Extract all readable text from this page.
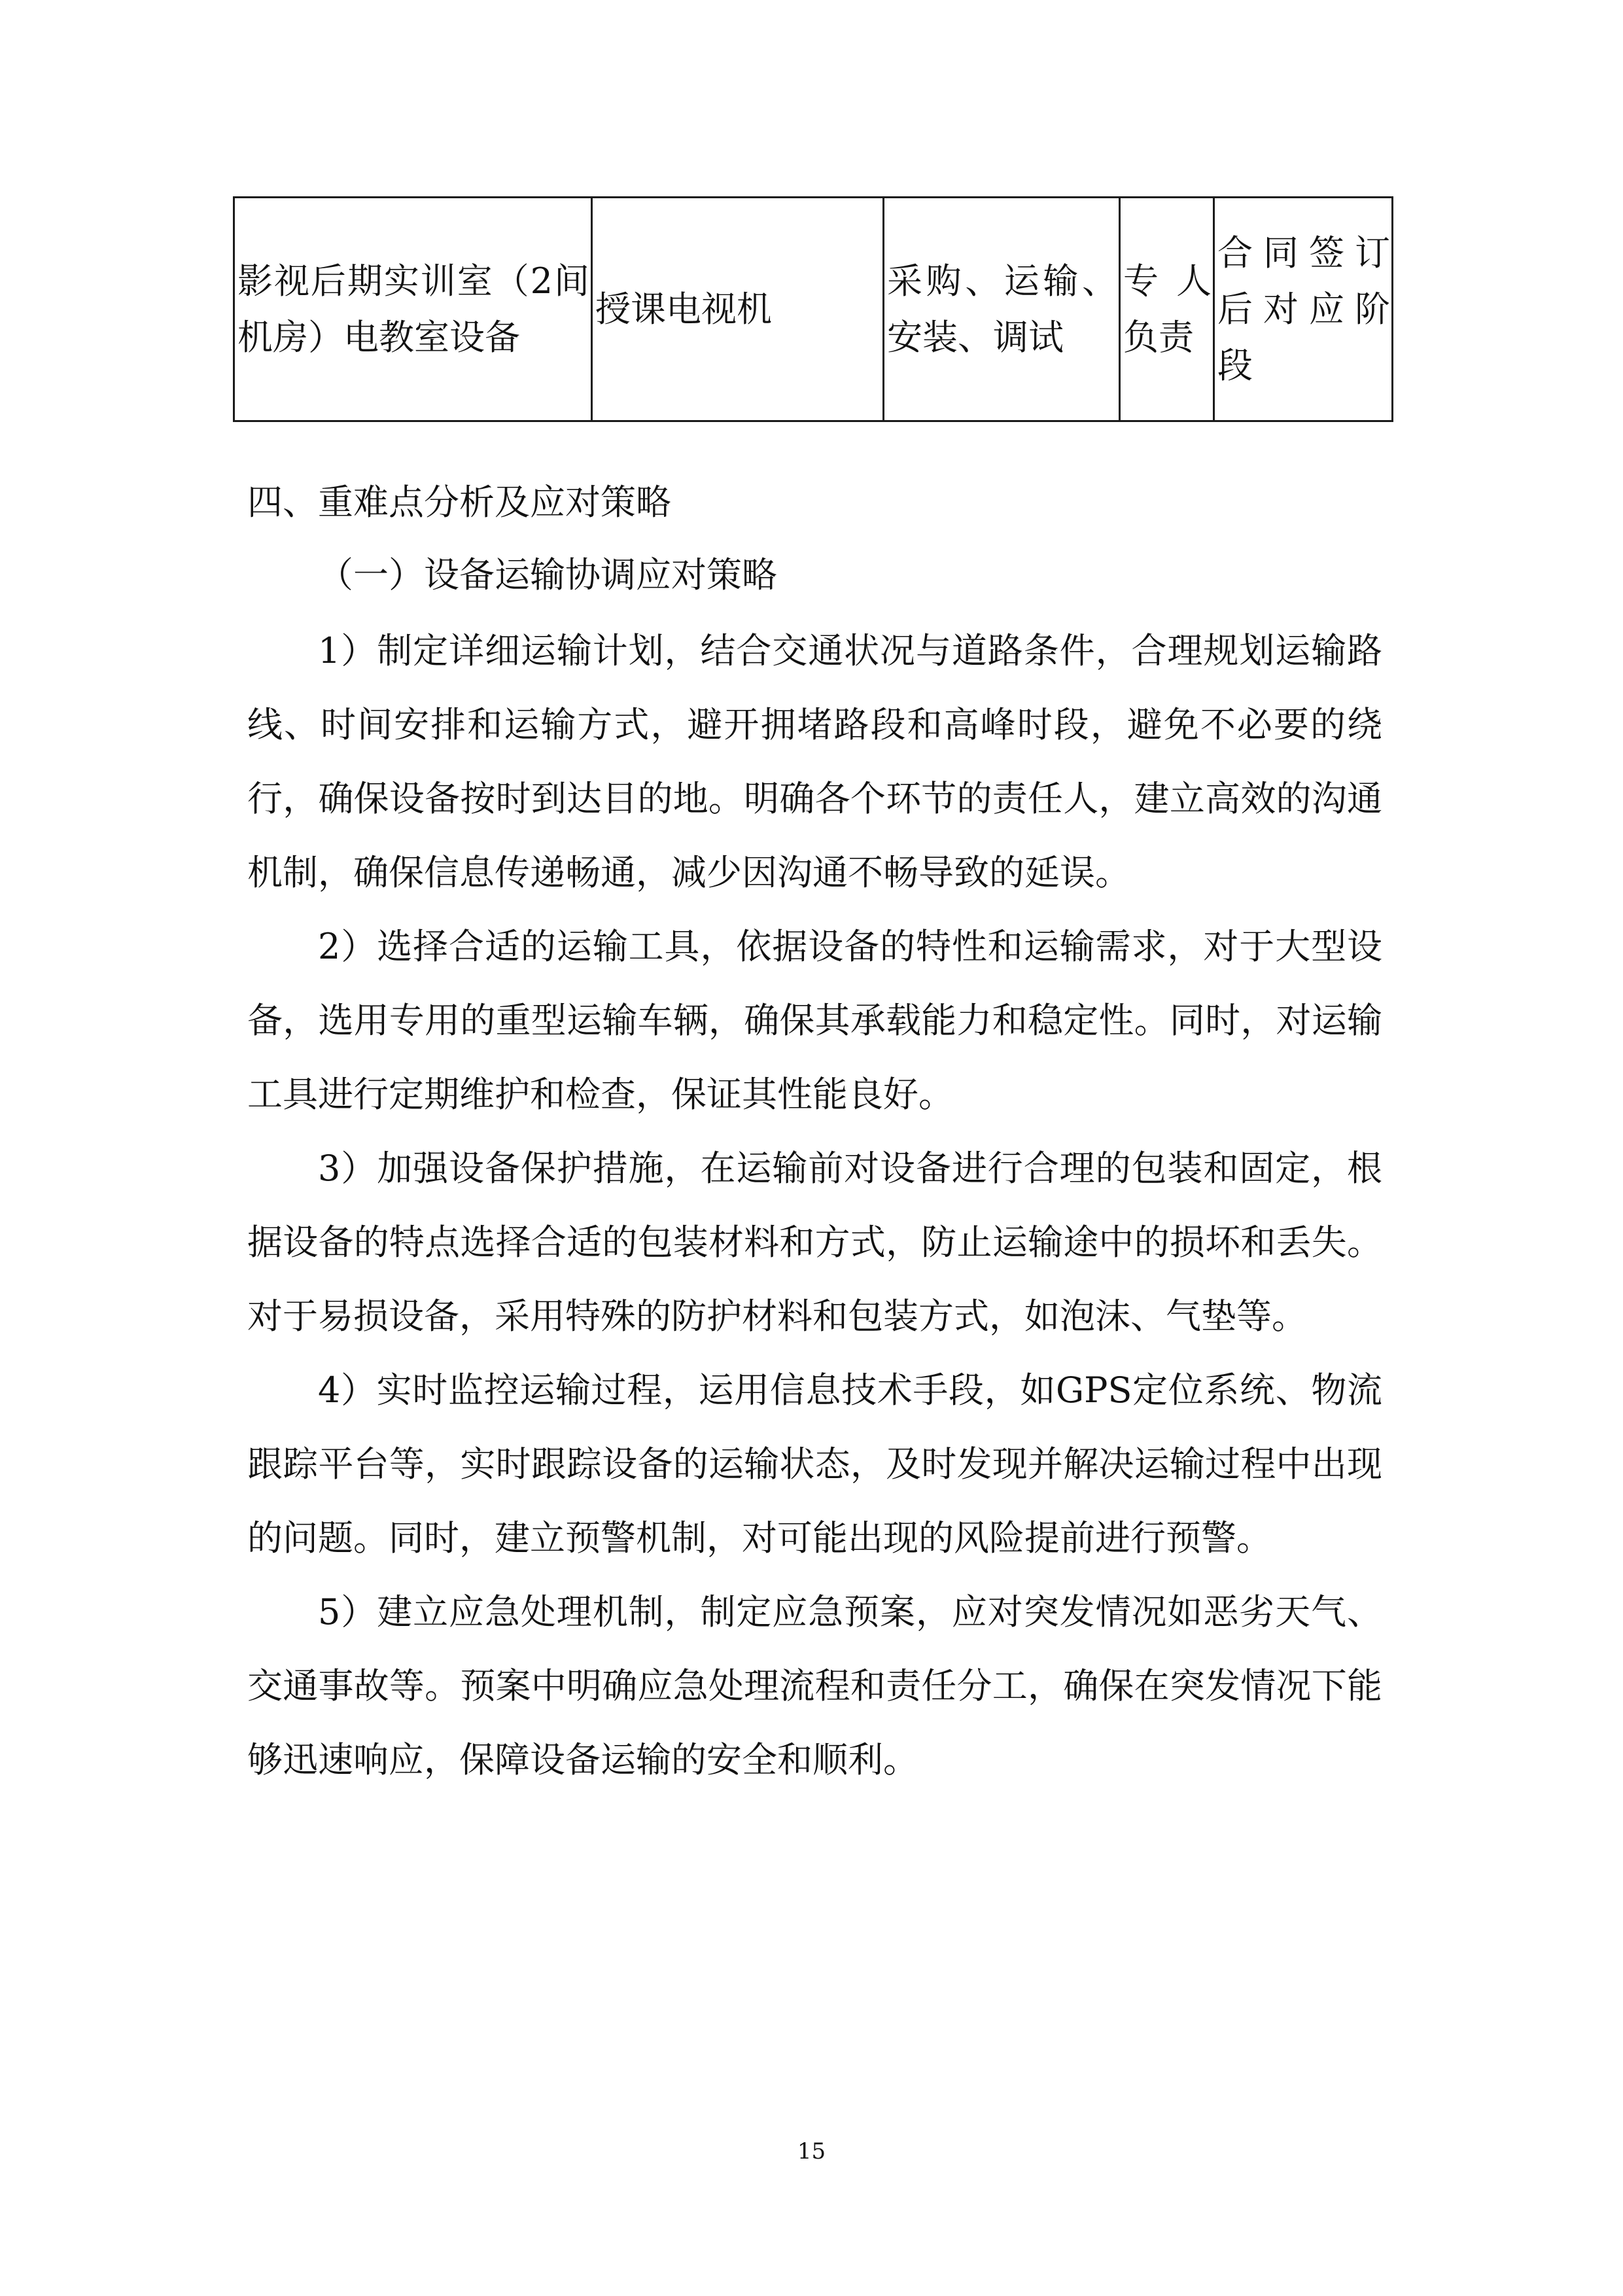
影视后期实训室（2间机房）电教室设备
授课电视机
采购、运输、安装、调试
专人负责
合同签订后对应阶段
四、重难点分析及应对策略
（一）设备运输协调应对策略

1）制定详细运输计划，结合交通状况与道路条件，合理规划运输路线、时间安排和运输方式，避开拥堵路段和高峰时段，避免不必要的绕行，确保设备按时到达目的地。明确各个环节的责任人，建立高效的沟通机制，确保信息传递畅通，减少因沟通不畅导致的延误。

2）选择合适的运输工具，依据设备的特性和运输需求，对于大型设备，选用专用的重型运输车辆，确保其承载能力和稳定性。同时，对运输工具进行定期维护和检查，保证其性能良好。

3）加强设备保护措施，在运输前对设备进行合理的包装和固定，根据设备的特点选择合适的包装材料和方式，防止运输途中的损坏和丢失。对于易损设备，采用特殊的防护材料和包装方式，如泡沫、气垫等。

4）实时监控运输过程，运用信息技术手段，如GPS定位系统、物流跟踪平台等，实时跟踪设备的运输状态，及时发现并解决运输过程中出现的问题。同时，建立预警机制，对可能出现的风险提前进行预警。

5）建立应急处理机制，制定应急预案，应对突发情况如恶劣天气、交通事故等。预案中明确应急处理流程和责任分工，确保在突发情况下能够迅速响应，保障设备运输的安全和顺利。

15
